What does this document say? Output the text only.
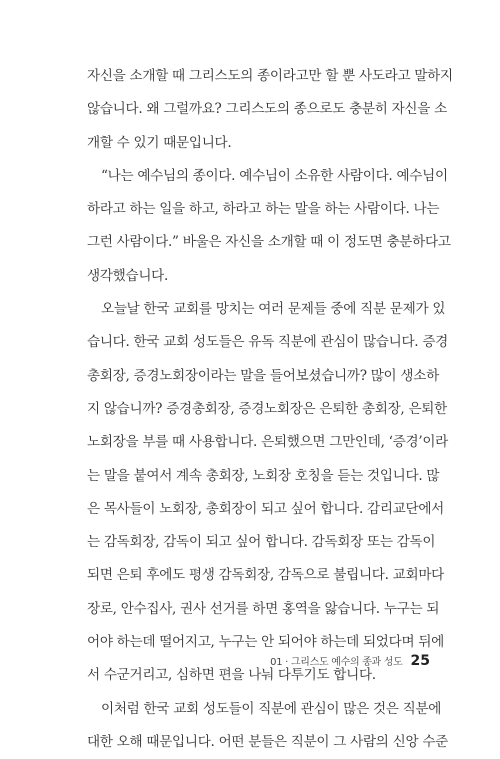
자신을 소개할 때 그리스도의 종이라고만 할 뿐 사도라고 말하지
않습니다. 왜 그럴까요? 그리스도의 종으로도 충분히 자신을 소
개할 수 있기 때문입니다.
“나는 예수님의 종이다. 예수님이 소유한 사람이다. 예수님이
하라고 하는 일을 하고, 하라고 하는 말을 하는 사람이다. 나는
그런 사람이다.” 바울은 자신을 소개할 때 이 정도면 충분하다고
생각했습니다.
오늘날 한국 교회를 망치는 여러 문제들 중에 직분 문제가 있
습니다. 한국 교회 성도들은 유독 직분에 관심이 많습니다. 증경
총회장, 증경노회장이라는 말을 들어보셨습니까? 많이 생소하
지 않습니까? 증경총회장, 증경노회장은 은퇴한 총회장, 은퇴한
노회장을 부를 때 사용합니다. 은퇴했으면 그만인데, ‘증경’이라
는 말을 붙여서 계속 총회장, 노회장 호칭을 듣는 것입니다. 많
은 목사들이 노회장, 총회장이 되고 싶어 합니다. 감리교단에서
는 감독회장, 감독이 되고 싶어 합니다. 감독회장 또는 감독이
되면 은퇴 후에도 평생 감독회장, 감독으로 불립니다. 교회마다
장로, 안수집사, 권사 선거를 하면 홍역을 앓습니다. 누구는 되
어야 하는데 떨어지고, 누구는 안 되어야 하는데 되었다며 뒤에
서 수군거리고, 심하면 편을 나눠 다투기도 합니다.
이처럼 한국 교회 성도들이 직분에 관심이 많은 것은 직분에
대한 오해 때문입니다. 어떤 분들은 직분이 그 사람의 신앙 수준
01 · 그리스도 예수의 종과 성도 25
